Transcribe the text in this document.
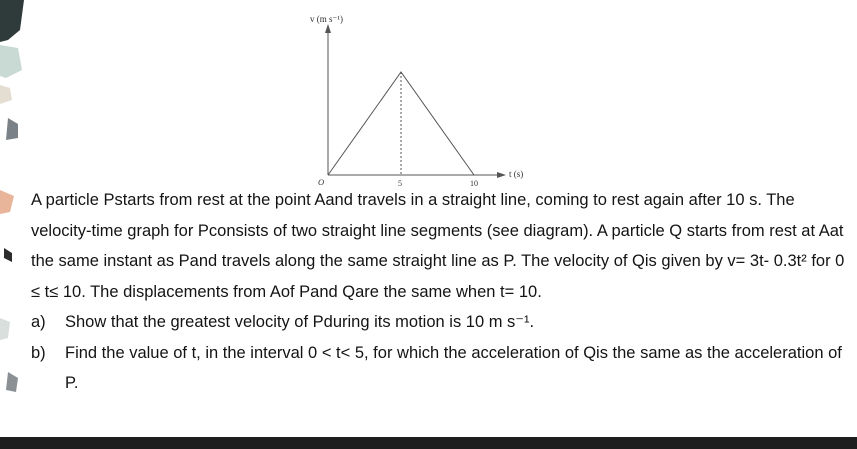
v (m s⁻¹)
t (s)
O	5	10

A particle Pstarts from rest at the point Aand travels in a straight line, coming to rest again after 10 s. The velocity-time graph for Pconsists of two straight line segments (see diagram). A particle Q starts from rest at Aat the same instant as Pand travels along the same straight line as P. The velocity of Qis given by v= 3t- 0.3t² for 0 ≤ t≤ 10. The displacements from Aof Pand Qare the same when t= 10.

a)	Show that the greatest velocity of Pduring its motion is 10 m s⁻¹.
b)	Find the value of t, in the interval 0 < t< 5, for which the acceleration of Qis the same as the acceleration of P.
